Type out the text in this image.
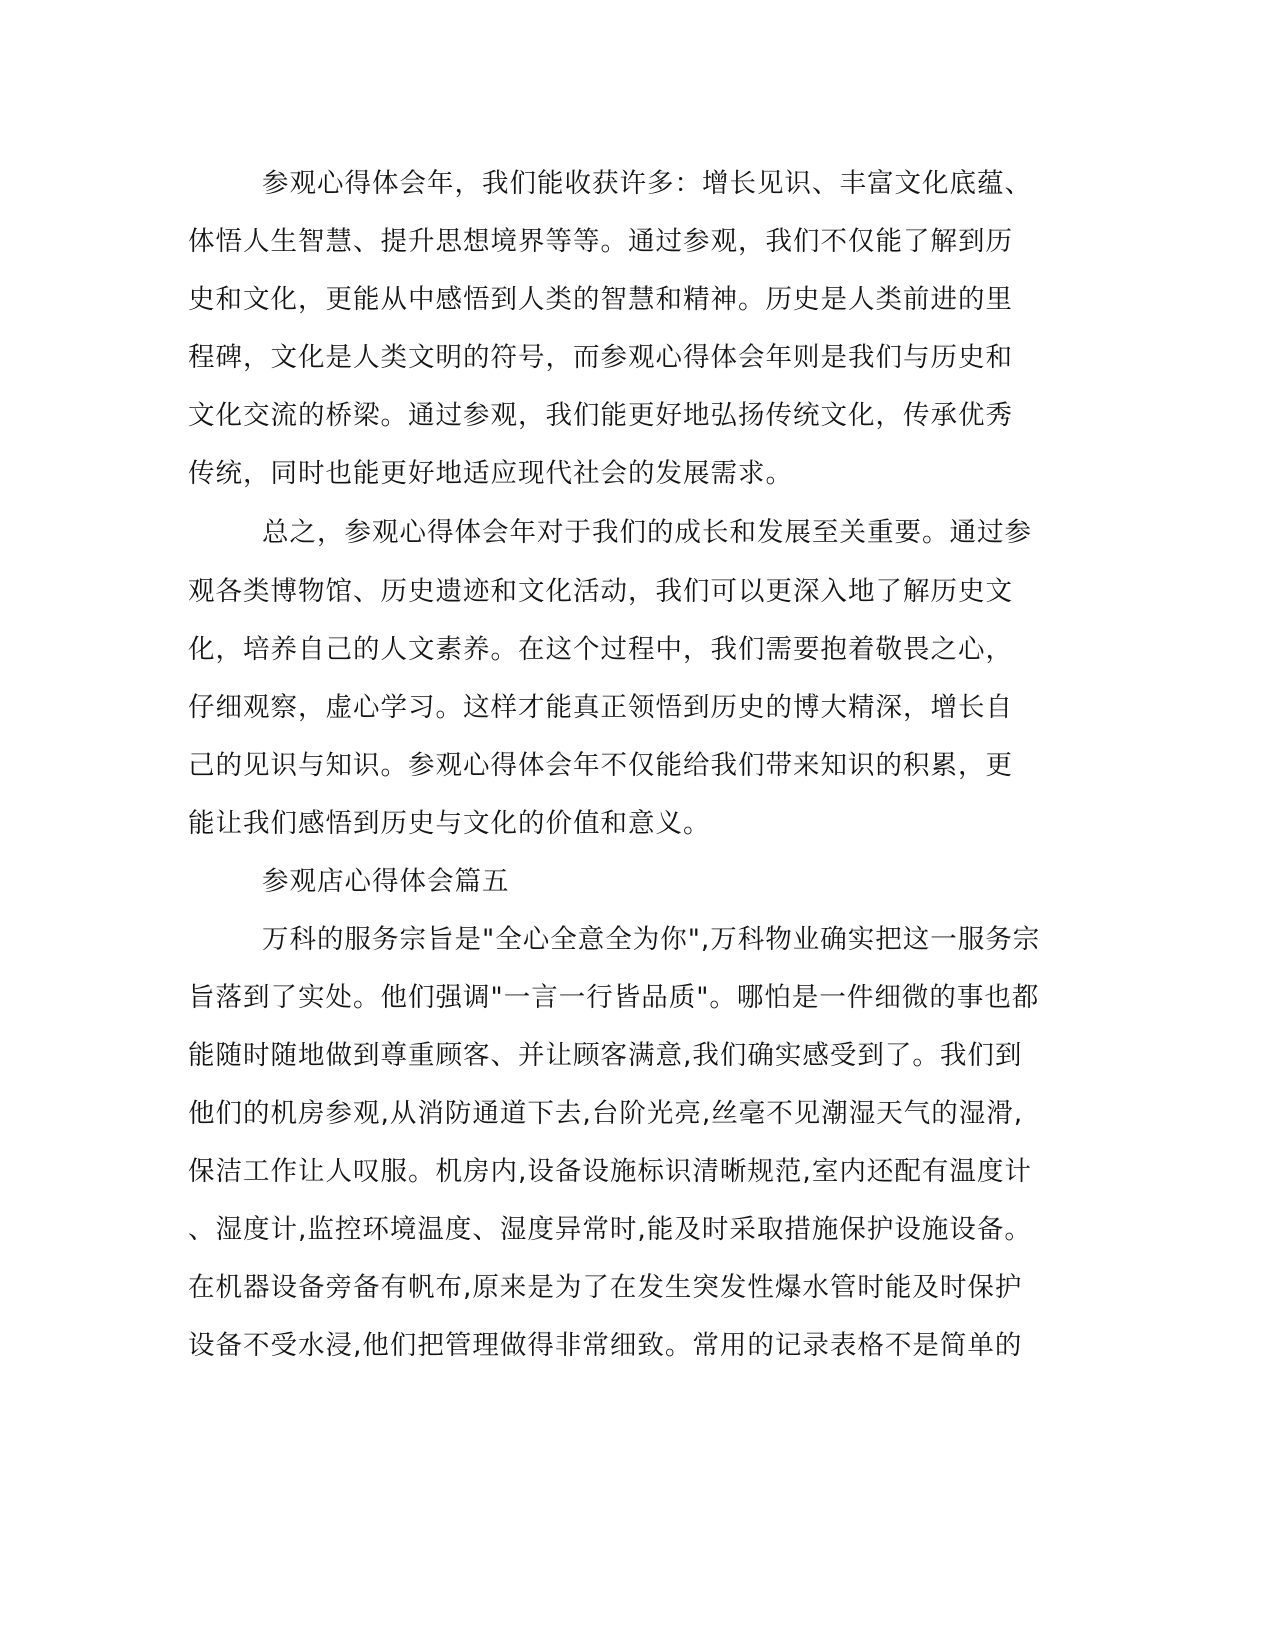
参观心得体会年，我们能收获许多：增长见识、丰富文化底蕴、

体悟人生智慧、提升思想境界等等。通过参观，我们不仅能了解到历

史和文化，更能从中感悟到人类的智慧和精神。历史是人类前进的里

程碑，文化是人类文明的符号，而参观心得体会年则是我们与历史和

文化交流的桥梁。通过参观，我们能更好地弘扬传统文化，传承优秀

传统，同时也能更好地适应现代社会的发展需求。

总之，参观心得体会年对于我们的成长和发展至关重要。通过参

观各类博物馆、历史遗迹和文化活动，我们可以更深入地了解历史文

化，培养自己的人文素养。在这个过程中，我们需要抱着敬畏之心，

仔细观察，虚心学习。这样才能真正领悟到历史的博大精深，增长自

己的见识与知识。参观心得体会年不仅能给我们带来知识的积累，更

能让我们感悟到历史与文化的价值和意义。

参观店心得体会篇五

万科的服务宗旨是"全心全意全为你",万科物业确实把这一服务宗

旨落到了实处。他们强调"一言一行皆品质"。哪怕是一件细微的事也都

能随时随地做到尊重顾客、并让顾客满意,我们确实感受到了。我们到

他们的机房参观,从消防通道下去,台阶光亮,丝毫不见潮湿天气的湿滑,

保洁工作让人叹服。机房内,设备设施标识清晰规范,室内还配有温度计

、湿度计,监控环境温度、湿度异常时,能及时采取措施保护设施设备。

在机器设备旁备有帆布,原来是为了在发生突发性爆水管时能及时保护

设备不受水浸,他们把管理做得非常细致。常用的记录表格不是简单的
